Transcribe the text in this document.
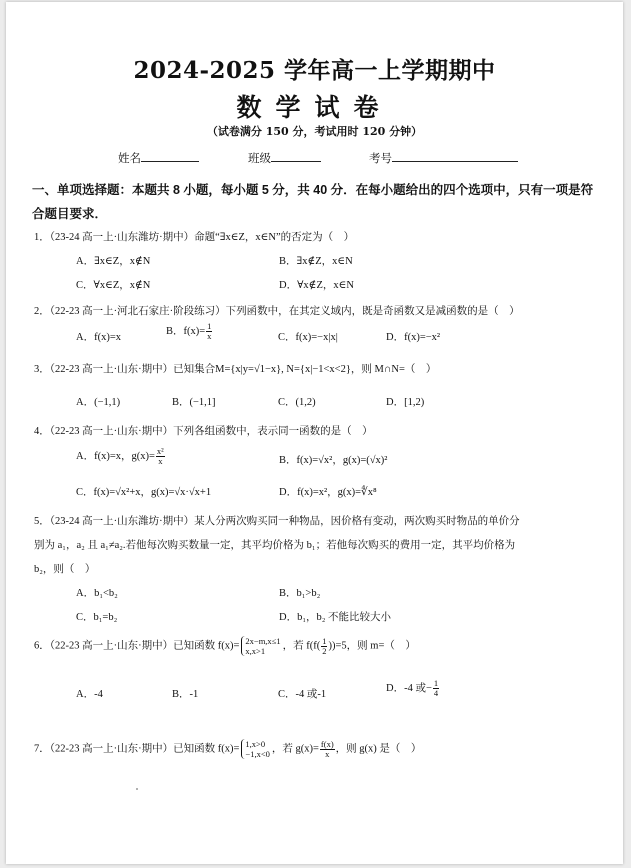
2024-2025 学年高一上学期期中
数学试卷
（试卷满分 150 分，考试用时 120 分钟）
姓名	班级	考号
一、单项选择题：本题共 8 小题，每小题 5 分，共 40 分．在每小题给出的四个选项中，只有一项是符合题目要求．
1．（23-24 高一上·山东潍坊·期中）命题“∃x∈Z，x∈N”的否定为（　）
A．∃x∈Z，x∉N	B．∃x∉Z，x∈N
C．∀x∈Z，x∉N	D．∀x∉Z，x∈N
2．（22-23 高一上·河北石家庄·阶段练习）下列函数中，在其定义域内，既是奇函数又是减函数的是（　）
A．f(x)=x
B．$f(x)= \frac{1}{x}$	C．f(x)=−x|x|	D．f(x)=−x²
3．（22-23 高一上·山东·期中）已知集合M={x|y=√1−x}, N={x|−1<x<2}，则 M∩N=（　）
A．(−1,1)	B．(−1,1]	C．(1,2)	D．[1,2)
4．（22-23 高一上·山东·期中）下列各组函数中，表示同一函数的是（　）
A．f(x)=x，$g(x)= \frac{\text{x²}}{x}$	B．f(x)=√x²，g(x)=(√x)²
C．f(x)=√x²+x，g(x)=√x·√x+1	D．f(x)=x²，g(x)=∜x⁸
5．（23-24 高一上·山东潍坊·期中）某人分两次购买同一种物品，因价格有变动，两次购买时物品的单价分
别为 a₁，a₂ 且 a₁≠a₂.若他每次购买数量一定，其平均价格为 b₁；若他每次购买的费用一定，其平均价格为
b₂，则（　）
A．b₁<b₂	B．b₁>b₂
C．b₁=b₂	D．b₁，b₂ 不能比较大小
6．（22-23 高一上·山东·期中）已知函数 f(x)= 2x−m,x≤1
x,x>1	，若 $f(f( \frac{1}{2} ))=5$，则 m=（　）
A．-4	B．-1	C．-4 或-1
D．-4 或− $\frac{1}{4}$
7．（22-23 高一上·山东·期中）已知函数 f(x)= 1,x>0
−1,x<0 ，若 $g(x)= \frac{f(x)}{x}$ ，则 g(x) 是（　）
